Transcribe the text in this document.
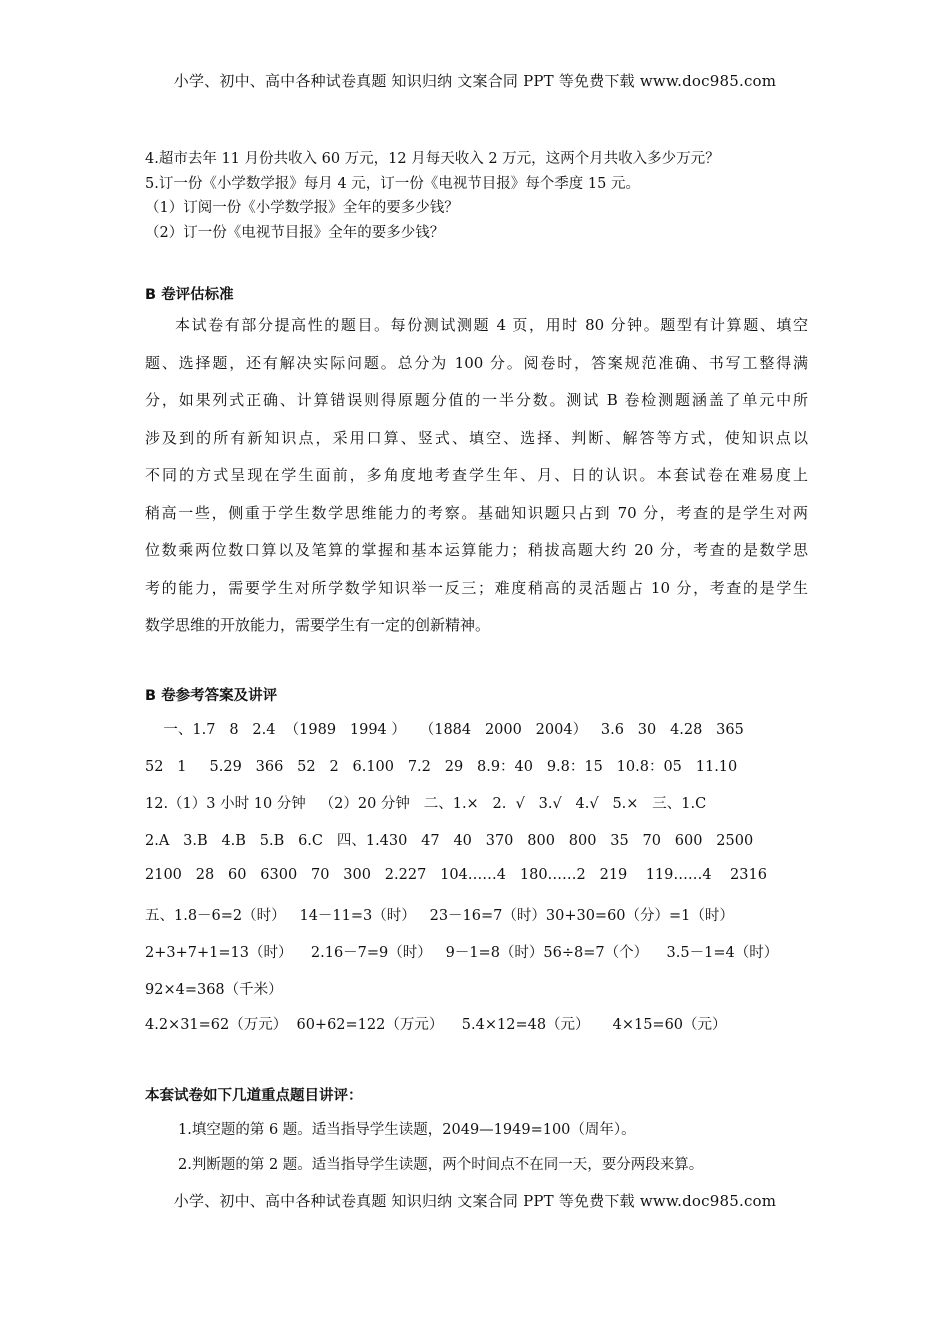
小学、初中、高中各种试卷真题 知识归纳 文案合同 PPT 等免费下载 www.doc985.com
4.超市去年 11 月份共收入 60 万元，12 月每天收入 2 万元，这两个月共收入多少万元？
5.订一份《小学数学报》每月 4 元，订一份《电视节目报》每个季度 15 元。
（1）订阅一份《小学数学报》全年的要多少钱？
（2）订一份《电视节目报》全年的要多少钱？
B 卷评估标准

本试卷有部分提高性的题目。每份测试测题 4 页，用时 80 分钟。题型有计算题、填空

题、选择题，还有解决实际问题。总分为 100 分。阅卷时，答案规范准确、书写工整得满

分，如果列式正确、计算错误则得原题分值的一半分数。测试 B 卷检测题涵盖了单元中所

涉及到的所有新知识点，采用口算、竖式、填空、选择、判断、解答等方式，使知识点以

不同的方式呈现在学生面前，多角度地考查学生年、月、日的认识。本套试卷在难易度上

稍高一些，侧重于学生数学思维能力的考察。基础知识题只占到 70 分，考查的是学生对两

位数乘两位数口算以及笔算的掌握和基本运算能力；稍拔高题大约 20 分，考查的是数学思

考的能力，需要学生对所学数学知识举一反三；难度稍高的灵活题占 10 分，考查的是学生

数学思维的开放能力，需要学生有一定的创新精神。

B 卷参考答案及讲评
一、1.7   8   2.4  （1989   1994 ）   （1884   2000   2004）   3.6   30   4.28   365
52   1     5.29   366   52   2   6.100   7.2   29   8.9：40   9.8：15   10.8：05   11.10
12.（1）3 小时 10 分钟   （2）20 分钟   二、1.×   2.  √   3.√   4.√   5.×   三、1.C
2.A   3.B   4.B   5.B   6.C   四、1.430   47   40   370   800   800   35   70   600   2500
2100   28   60   6300   70   300   2.227   104……4   180……2   219    119……4    2316
五、1.8－6=2（时）   14－11=3（时）   23－16=7（时）30+30=60（分）=1（时）
2+3+7+1=13（时）    2.16－7=9（时）   9－1=8（时）56÷8=7（个）    3.5－1=4（时）
92×4=368（千米）
4.2×31=62（万元）  60+62=122（万元）    5.4×12=48（元）     4×15=60（元）
本套试卷如下几道重点题目讲评：
1.填空题的第 6 题。适当指导学生读题，2049—1949=100（周年）。
2.判断题的第 2 题。适当指导学生读题，两个时间点不在同一天，要分两段来算。
小学、初中、高中各种试卷真题 知识归纳 文案合同 PPT 等免费下载 www.doc985.com
